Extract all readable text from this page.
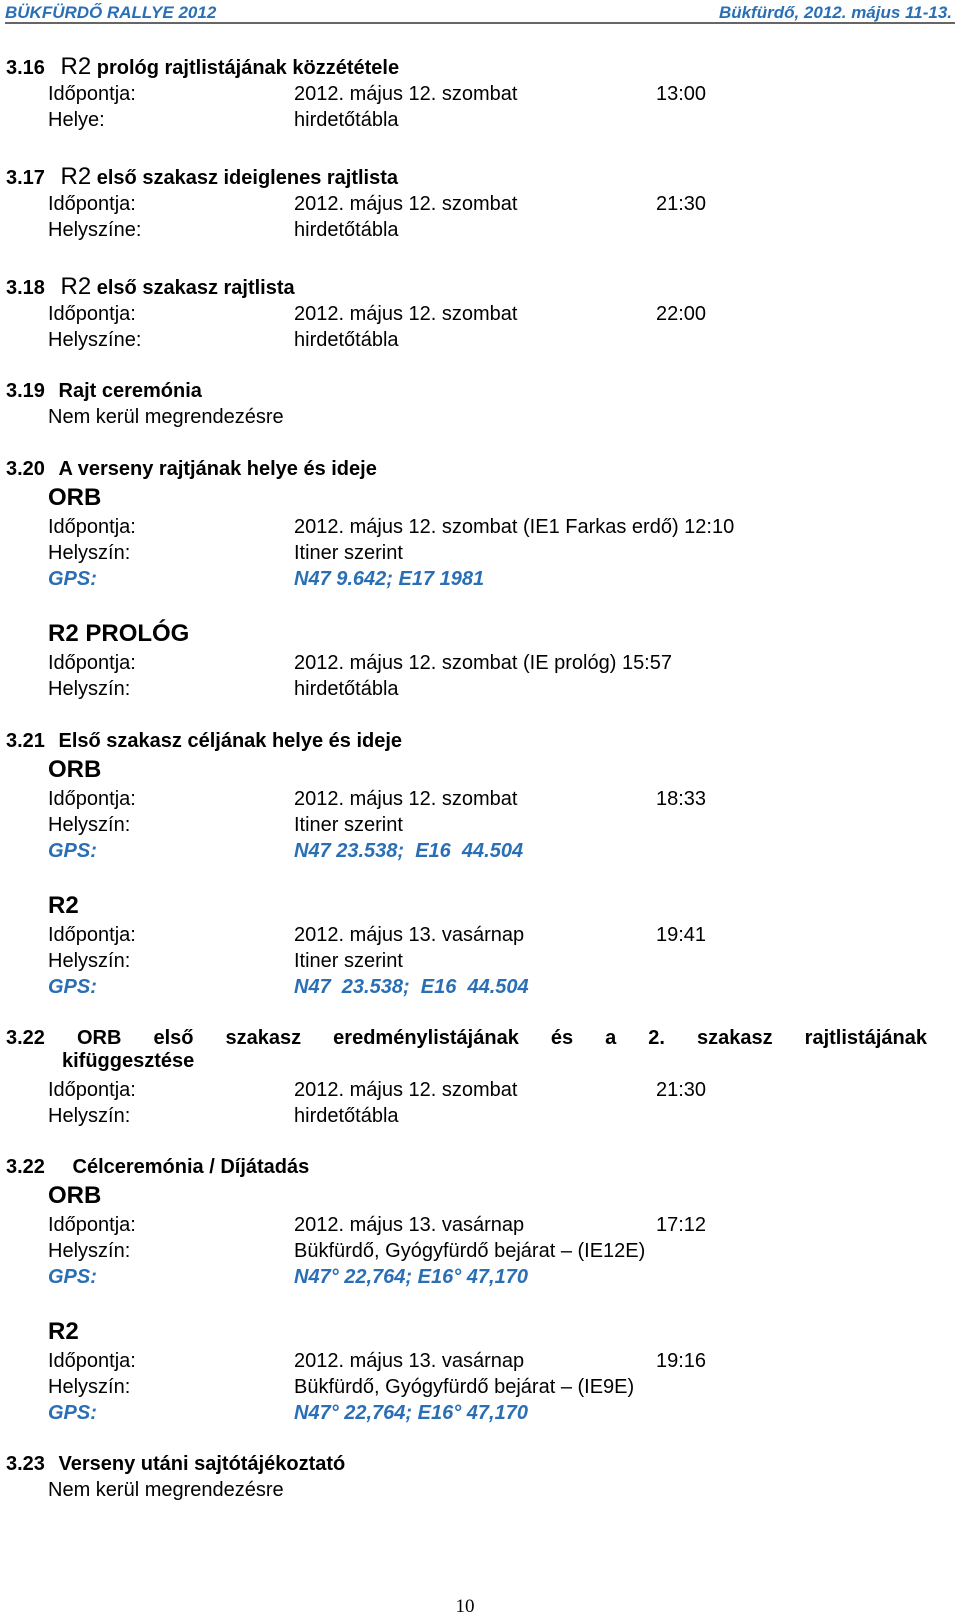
BÜKFÜRDŐ RALLYE 2012	Bükfürdő, 2012. május 11-13.
3.16 R2 prológ rajtlistájának közzététele
Időpontja:	2012. május 12. szombat	13:00
Helye:	hirdetőtábla
3.17 R2 első szakasz ideiglenes rajtlista
Időpontja:	2012. május 12. szombat	21:30
Helyszíne:	hirdetőtábla
3.18 R2 első szakasz rajtlista
Időpontja:	2012. május 12. szombat	22:00
Helyszíne:	hirdetőtábla
3.19 Rajt ceremónia
Nem kerül megrendezésre
3.20 A verseny rajtjának helye és ideje
ORB
Időpontja:	2012. május 12. szombat (IE1 Farkas erdő) 12:10
Helyszín:	Itiner szerint
GPS:	N47 9.642; E17 1981
R2 PROLÓG
Időpontja:	2012. május 12. szombat (IE prológ) 15:57
Helyszín:	hirdetőtábla
3.21 Első szakasz céljának helye és ideje
ORB
Időpontja:	2012. május 12. szombat	18:33
Helyszín:	Itiner szerint
GPS:	N47 23.538;  E16  44.504
R2
Időpontja:	2012. május 13. vasárnap	19:41
Helyszín:	Itiner szerint
GPS:	N47  23.538;  E16  44.504
3.22 ORB első szakasz eredménylistájának és a 2. szakasz rajtlistájának
kifüggesztése
Időpontja:	2012. május 12. szombat	21:30
Helyszín:	hirdetőtábla
3.22 Célceremónia / Díjátadás
ORB
Időpontja:	2012. május 13. vasárnap	17:12
Helyszín:	Bükfürdő, Gyógyfürdő bejárat – (IE12E)
GPS:	N47° 22,764; E16° 47,170
R2
Időpontja:	2012. május 13. vasárnap	19:16
Helyszín:	Bükfürdő, Gyógyfürdő bejárat – (IE9E)
GPS:	N47° 22,764; E16° 47,170
3.23 Verseny utáni sajtótájékoztató
Nem kerül megrendezésre
10
